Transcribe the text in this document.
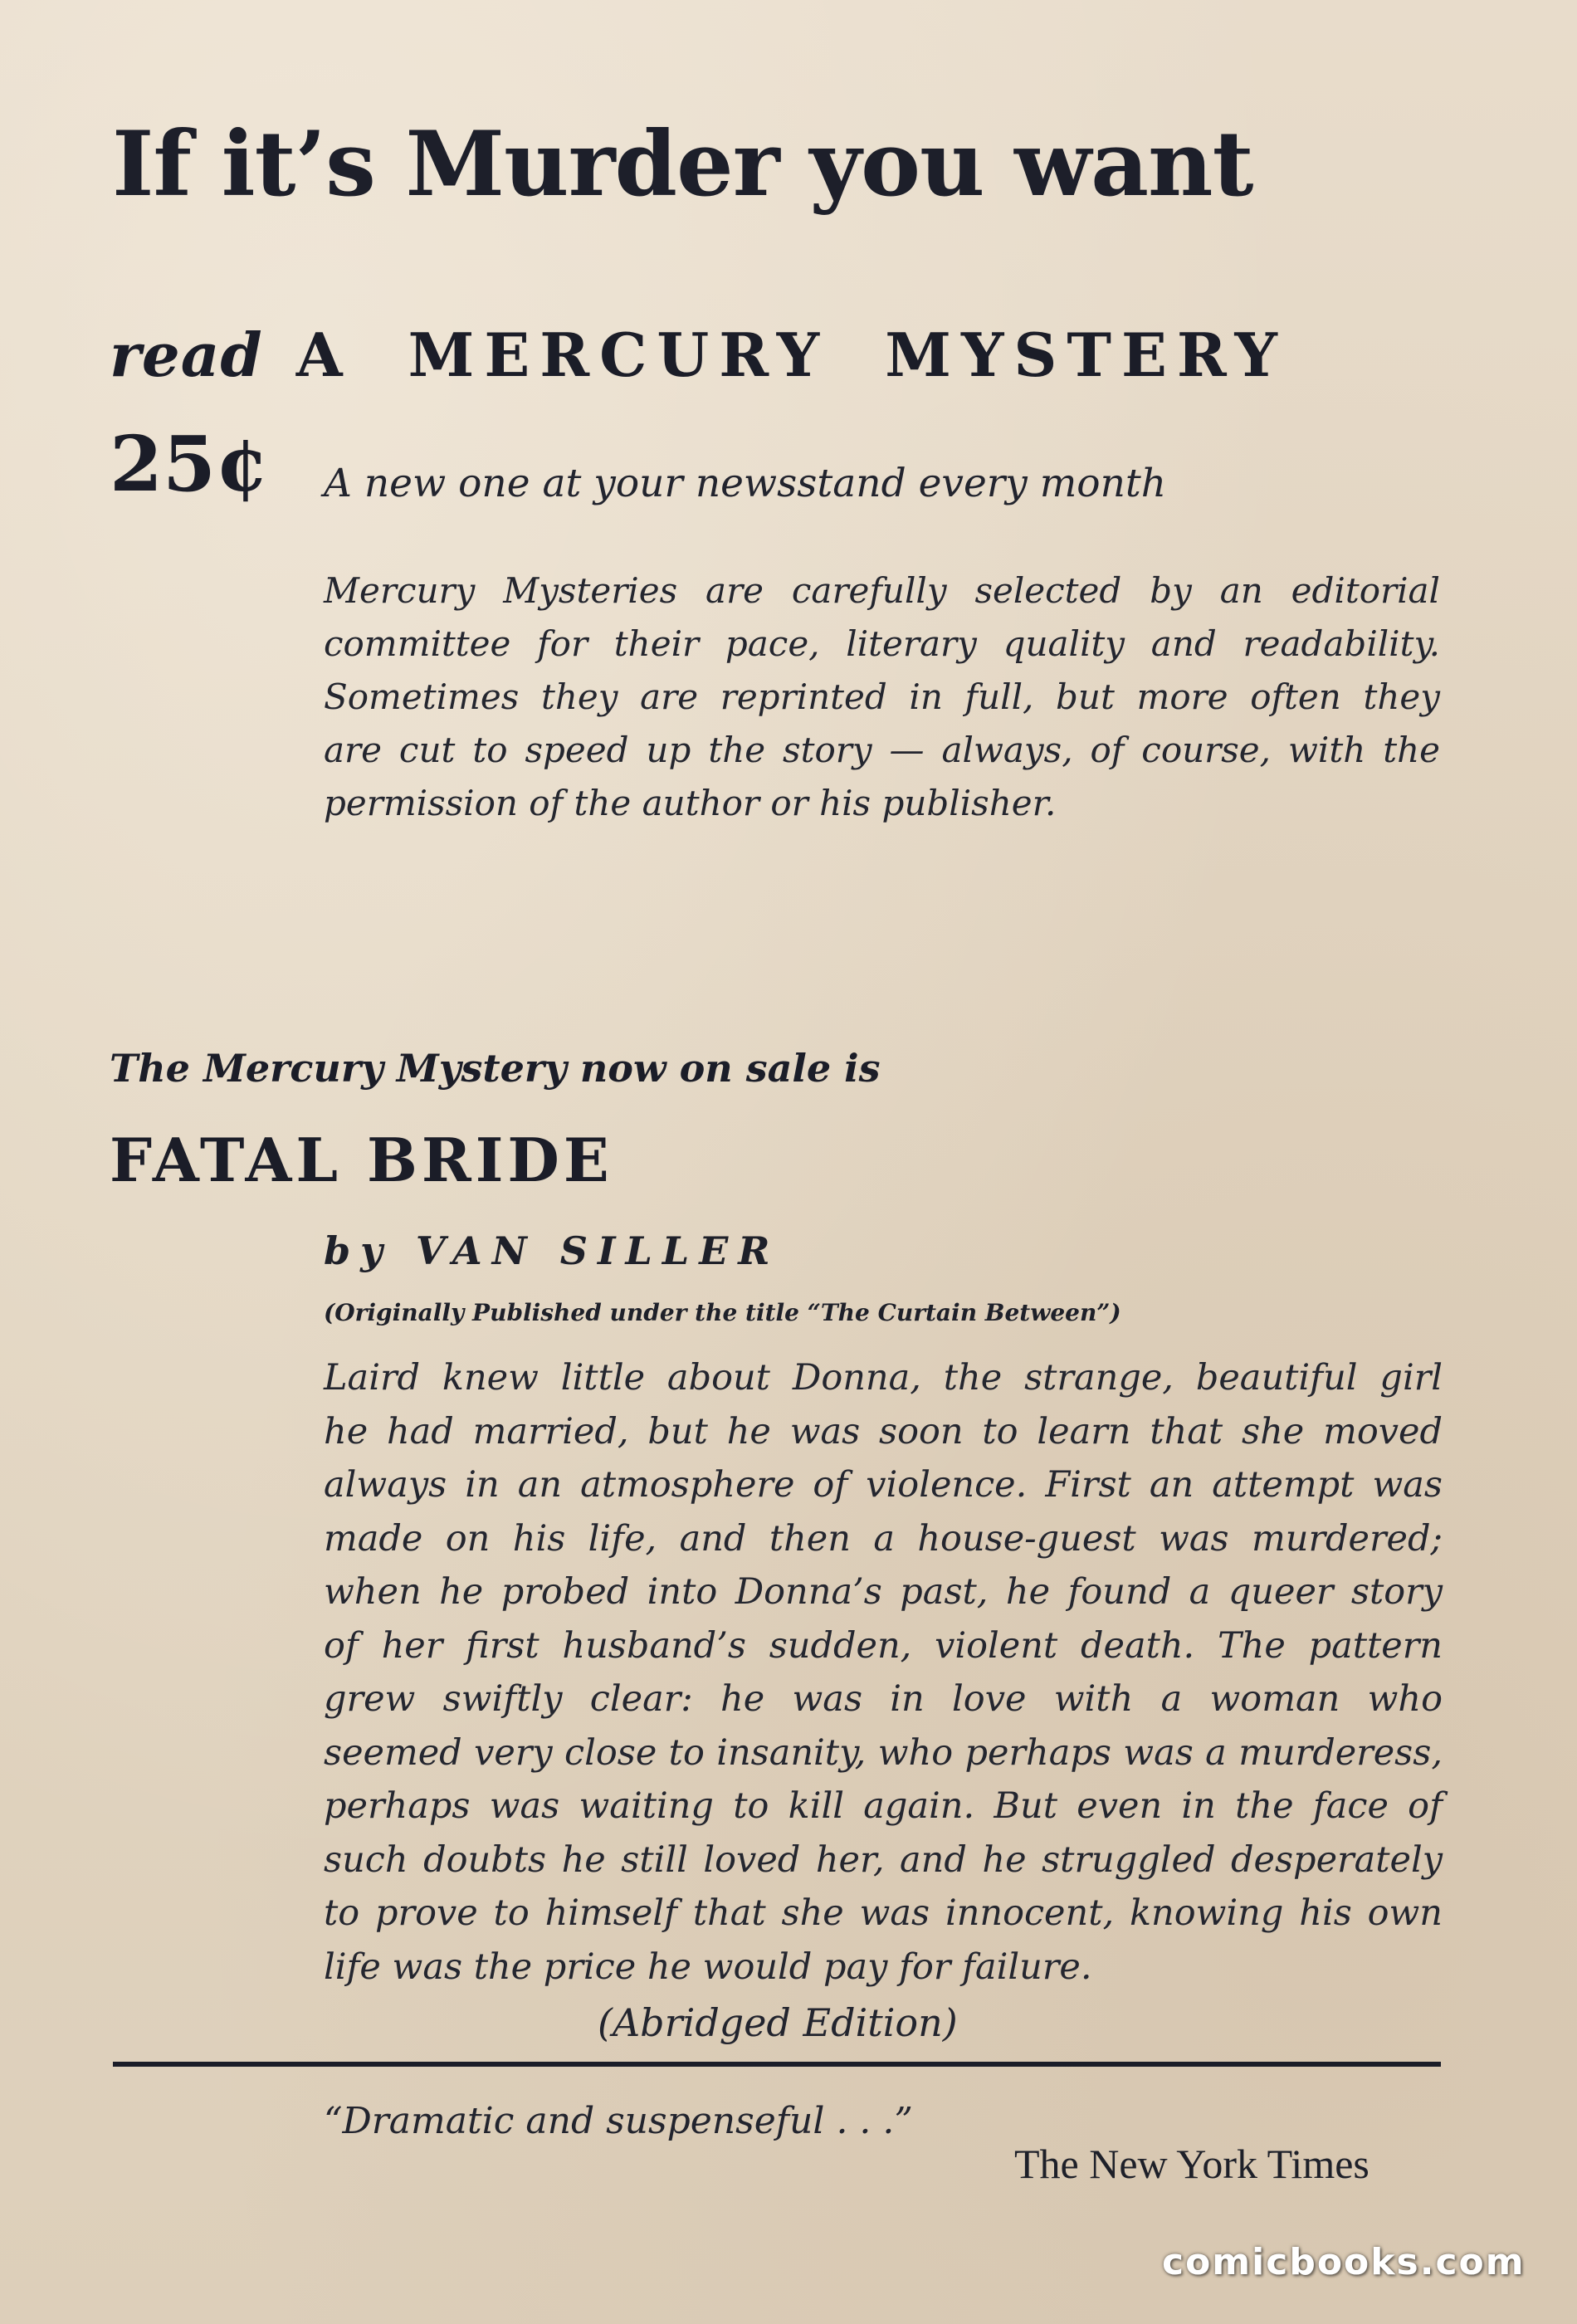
If it’s Murder you want
read A MERCURY MYSTERY
25¢ A new one at your newsstand every month
Mercury Mysteries are carefully selected by an editorial
committee for their pace, literary quality and readability.
Sometimes they are reprinted in full, but more often they
are cut to speed up the story — always, of course, with the
permission of the author or his publisher.
The Mercury Mystery now on sale is
FATAL BRIDE
by VAN SILLER
(Originally Published under the title “The Curtain Between”)
Laird knew little about Donna, the strange, beautiful girl
he had married, but he was soon to learn that she moved
always in an atmosphere of violence. First an attempt was
made on his life, and then a house-guest was murdered;
when he probed into Donna’s past, he found a queer story
of her first husband’s sudden, violent death. The pattern
grew swiftly clear: he was in love with a woman who
seemed very close to insanity, who perhaps was a murderess,
perhaps was waiting to kill again. But even in the face of
such doubts he still loved her, and he struggled desperately
to prove to himself that she was innocent, knowing his own
life was the price he would pay for failure.
(Abridged Edition)
“Dramatic and suspenseful . . .”
The New York Times
comicbooks.com
